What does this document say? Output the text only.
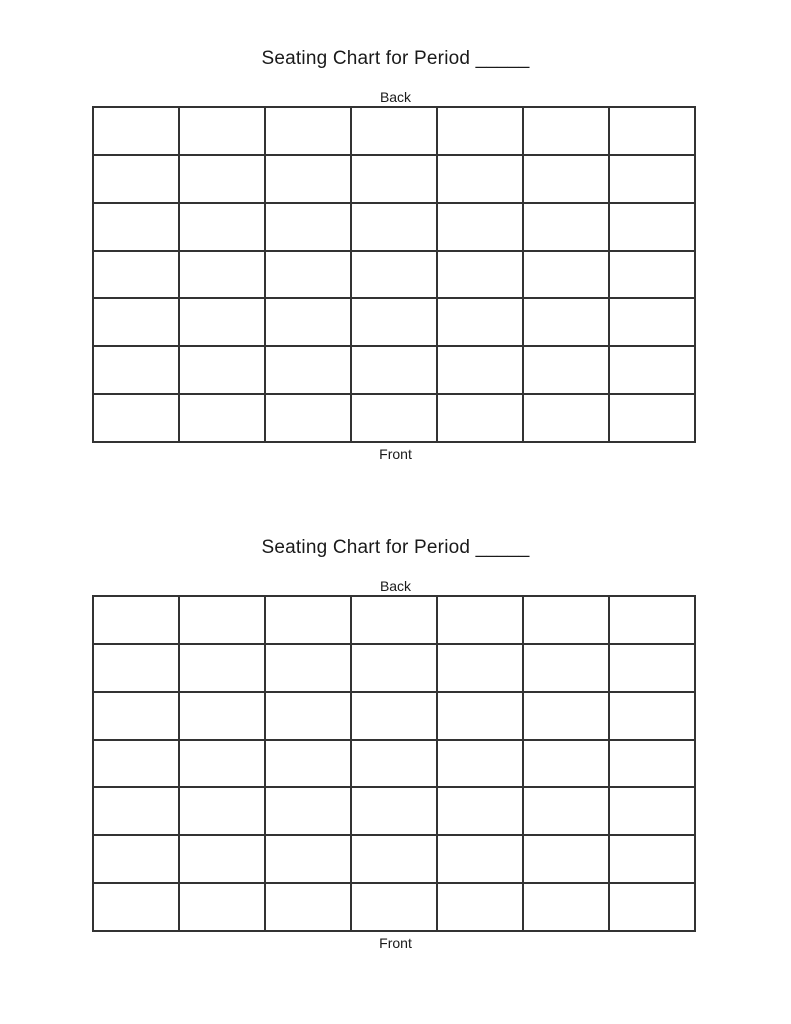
Seating Chart for Period _____
Back
Front
Seating Chart for Period _____
Back
Front
